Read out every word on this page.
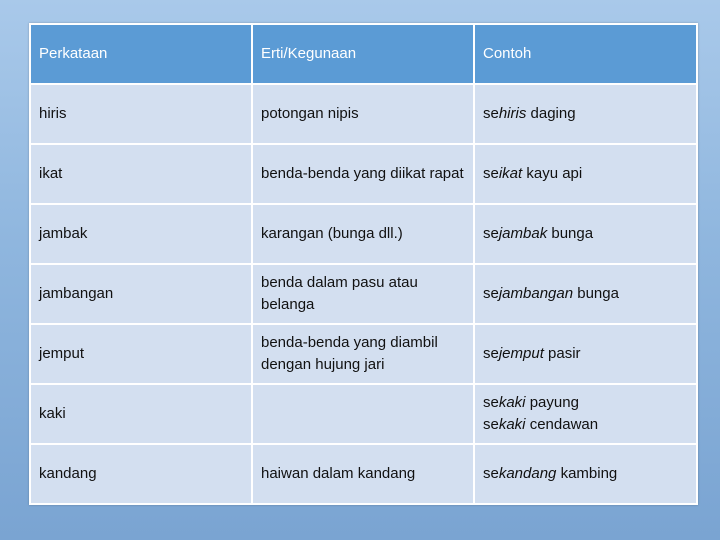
Perkataan	Erti/Kegunaan	Contoh
hiris	potongan nipis	sehiris daging

ikat	benda-benda yang diikat rapat	seikat kayu api

jambak	karangan (bunga dll.)	sejambak bunga

jambangan	benda dalam pasu atau belanga	sejambangan bunga

jemput	benda-benda yang diambil dengan hujung jari	sejemput pasir

kaki		sekaki payung
sekaki cendawan

kandang	haiwan dalam kandang	sekandang kambing
